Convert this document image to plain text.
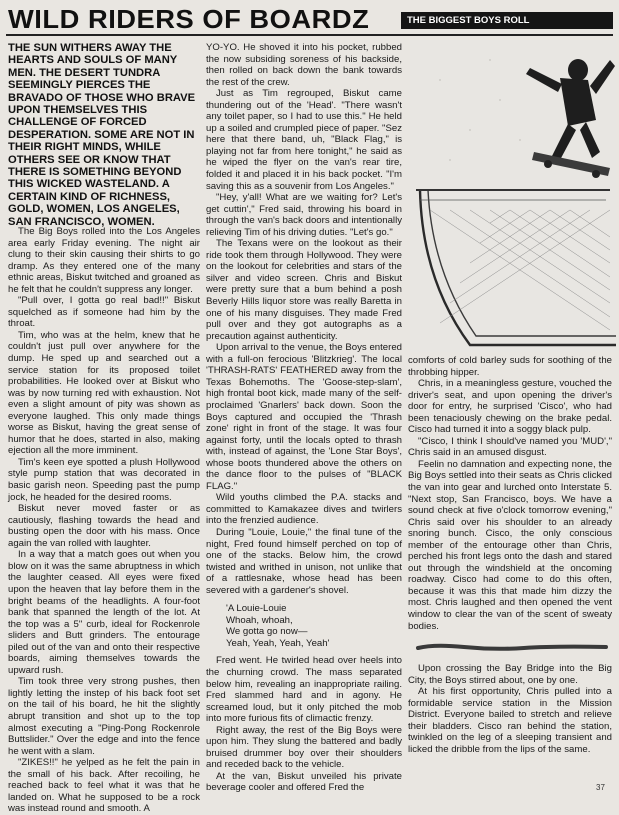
WILD RIDERS OF BOARDZ	THE BIGGEST BOYS ROLL
THE SUN WITHERS AWAY THE HEARTS AND SOULS OF MANY MEN. THE DESERT TUNDRA SEEMINGLY PIERCES THE BRAVADO OF THOSE WHO BRAVE UPON THEMSELVES THIS CHALLENGE OF FORCED DESPERATION. SOME ARE NOT IN THEIR RIGHT MINDS, WHILE OTHERS SEE OR KNOW THAT THERE IS SOMETHING BEYOND THIS WICKED WASTELAND. A CERTAIN KIND OF RICHNESS, GOLD, WOMEN, LOS ANGELES, SAN FRANCISCO, WOMEN.

The Big Boys rolled into the Los Angeles area early Friday evening. The night air clung to their skin causing their shirts to go dramp. As they entered one of the many ethnic areas, Biskut twitched and groaned as he felt that he couldn't suppress any longer.

"Pull over, I gotta go real bad!!" Biskut squelched as if someone had him by the throat.

Tim, who was at the helm, knew that he couldn't just pull over anywhere for the dump. He sped up and searched out a service station for its proposed toilet probabilities. He looked over at Biskut who was by now turning red with exhaustion. Not even a slight amount of pity was shown as everyone laughed. This only made things worse as Biskut, having the great sense of humor that he does, started in also, making ejection all the more imminent.

Tim's keen eye spotted a plush Hollywood style pump station that was decorated in basic garish neon. Speeding past the pump jock, he headed for the desired rooms.

Biskut never moved faster or as cautiously, flashing towards the head and busting open the door with his mass. Once again the van rolled with laughter.

In a way that a match goes out when you blow on it was the same abruptness in which the laughter ceased. All eyes were fixed upon the heaven that lay before them in the bright beams of the headlights. A four-foot bank that spanned the length of the lot. At the top was a 5" curb, ideal for Rockenrole sliders and Butt grinders. The entourage piled out of the van and onto their respective boards, aiming themselves towards the upward rush.

Tim took three very strong pushes, then lightly letting the instep of his back foot set on the tail of his board, he hit the slightly abrupt transition and shot up to the top almost executing a "Ping-Pong Rockenrole Buttslider." Over the edge and into the fence he went with a slam.

"ZIKES!!" he yelped as he felt the pain in the small of his back. After recoiling, he reached back to feel what it was that he landed on. What he supposed to be a rock was instead round and smooth. A

YO-YO. He shoved it into his pocket, rubbed the now subsiding soreness of his backside, then rolled on back down the bank towards the rest of the crew.

Just as Tim regrouped, Biskut came thundering out of the 'Head'. "There wasn't any toilet paper, so I had to use this." He held up a soiled and crumpled piece of paper. "Sez here that there band, uh, "Black Flag," is playing not far from here tonight," he said as he wiped the flyer on the van's rear tire, folded it and placed it in his back pocket. "I'm saving this as a souvenir from Los Angeles."

"Hey, y'all! What are we waiting for? Let's get cuttin'," Fred said, throwing his board in through the van's back doors and intentionally relieving Tim of his driving duties. "Let's go."

The Texans were on the lookout as their ride took them through Hollywood. They were on the lookout for celebrities and stars of the silver and video screen. Chris and Biskut were pretty sure that a bum behind a posh Beverly Hills liquor store was really Baretta in one of his many disguises. They made Fred pull over and they got autographs as a precaution against authenticity.

Upon arrival to the venue, the Boys entered with a full-on ferocious 'Blitzkrieg'. The local 'THRASH-RATS' FEATHERED away from the Texas Bohemoths. The 'Goose-step-slam', high frontal boot kick, made many of the self-proclaimed 'Gnarlers' back down. Soon the Boys captured and occupied the 'Thrash zone' right in front of the stage. It was four against forty, until the locals opted to thrash with, instead of against, the 'Lone Star Boys', whose boots thundered above the others on the dance floor to the pulses of "BLACK FLAG."

Wild youths climbed the P.A. stacks and committed to Kamakazee dives and twirlers into the frenzied audience.

During "Louie, Louie," the final tune of the night, Fred found himself perched on top of one of the stacks. Below him, the crowd twisted and writhed in unison, not unlike that of a rattlesnake, whose head has been severed with a gardener's shovel.

'A Louie-Louie

Whoah, whoah,

We gotta go now—

Yeah, Yeah, Yeah, Yeah'

Fred went. He twirled head over heels into the churning crowd. The mass separated below him, revealing an inappropriate railing. Fred slammed hard and in agony. He screamed loud, but it only pitched the mob into more furious fits of climactic frenzy.

Right away, the rest of the Big Boys were upon him. They slung the battered and badly bruised drummer boy over their shoulders and receded back to the vehicle.

At the van, Biskut unveiled his private beverage cooler and offered Fred the

comforts of cold barley suds for soothing of the throbbing hipper.

Chris, in a meaningless gesture, vouched the driver's seat, and upon opening the driver's door for entry, he surprised 'Cisco', who had been tenaciously chewing on the brake pedal. Cisco had turned it into a soggy black pulp.

"Cisco, I think I should've named you 'MUD'," Chris said in an amused disgust.

Feelin no damnation and expecting none, the Big Boys settled into their seats as Chris clicked the van into gear and lurched onto Interstate 5. "Next stop, San Francisco, boys. We have a sound check at five o'clock tomorrow evening," Chris said over his shoulder to an already snoring bunch. Cisco, the only conscious member of the entourage other than Chris, perched his front legs onto the dash and stared out through the windshield at the oncoming roadway. Cisco had come to do this often, because it was this that made him dizzy the most. Chris laughed and then opened the vent window to clear the van of the scent of sweaty bodies.

Upon crossing the Bay Bridge into the Big City, the Boys stirred about, one by one.

At his first opportunity, Chris pulled into a formidable service station in the Mission District. Everyone bailed to stretch and relieve their bladders. Cisco ran behind the station, twinkled on the leg of a sleeping transient and licked the dribble from the lips of the same.

37
